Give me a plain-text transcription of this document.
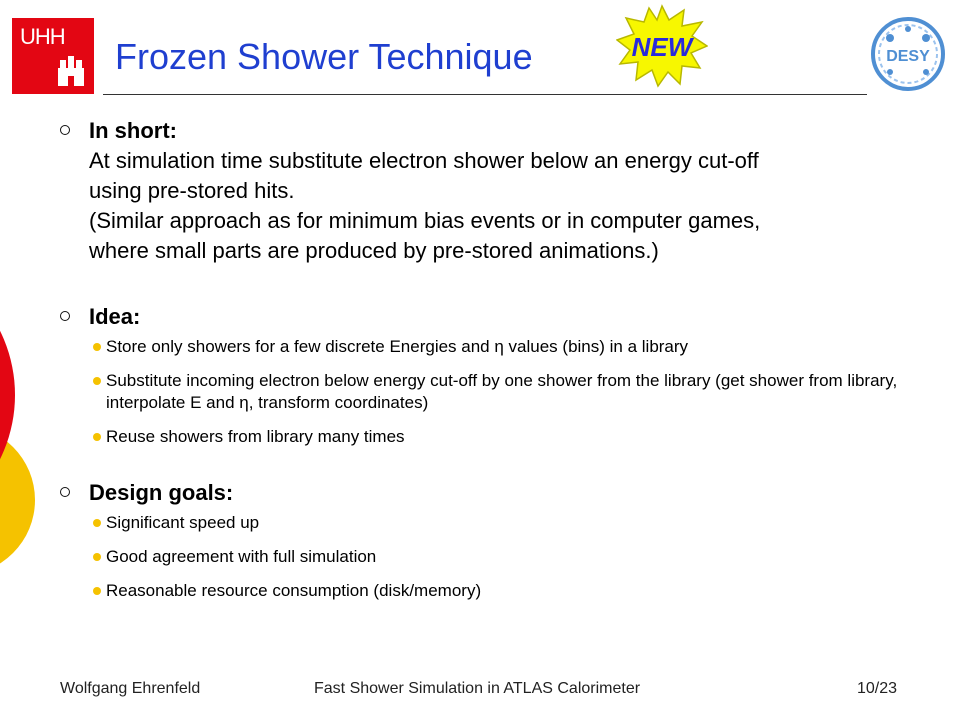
UHH Frozen Shower Technique	NEW	DESY
In short:

At simulation time substitute electron shower below an energy cut-off
using pre-stored hits.
(Similar approach as for minimum bias events or in computer games,
where small parts are produced by pre-stored animations.)

Idea:
Store only showers for a few discrete Energies and η values (bins) in a library
Substitute incoming electron below energy cut-off by one shower from the library (get shower from library, interpolate E and η, transform coordinates)
Reuse showers from library many times
Design goals:
Significant speed up
Good agreement with full simulation
Reasonable resource consumption (disk/memory)
Wolfgang Ehrenfeld	Fast Shower Simulation in ATLAS Calorimeter	10/23
